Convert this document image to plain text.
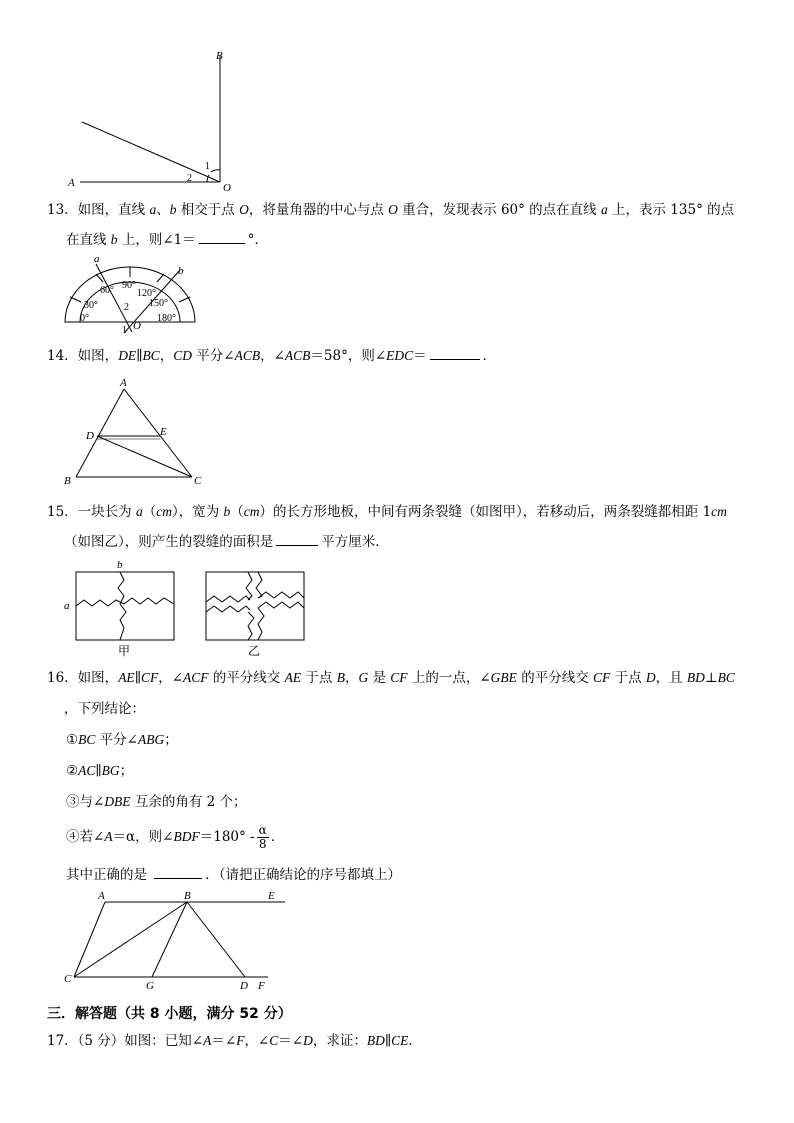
A
B
O
1
2
13．如图，直线 a、b 相交于点 O，将量角器的中心与点 O 重合，发现表示 60° 的点在直线 a 上，表示 135° 的点
在直线 b 上，则∠1＝	°．
a
b
60° 90°
120°
30°	150°
0°	180°
2
1 O
14．如图，DE∥BC，CD 平分∠ACB，∠ACB＝58°，则∠EDC＝	．
A
B	C
D	E
15．一块长为 a（cm），宽为 b（cm）的长方形地板，中间有两条裂缝（如图甲），若移动后，两条裂缝都相距 1cm
（如图乙），则产生的裂缝的面积是	平方厘米．
a
b
甲	乙
16．如图，AE∥CF，∠ACF 的平分线交 AE 于点 B，G 是 CF 上的一点，∠GBE 的平分线交 CF 于点 D，且 BD⊥BC
，下列结论：
①BC 平分∠ABG；
②AC∥BG；
③与∠DBE 互余的角有 2 个；
④若∠A＝α，则∠BDF＝180° - $\frac{\alpha}{8}$ ．
其中正确的是	．（请把正确结论的序号都填上）
A	B	E
C
G	D F
三．解答题（共 8 小题，满分 52 分）
17．（5 分）如图：已知∠A＝∠F，∠C＝∠D，求证：BD∥CE．
